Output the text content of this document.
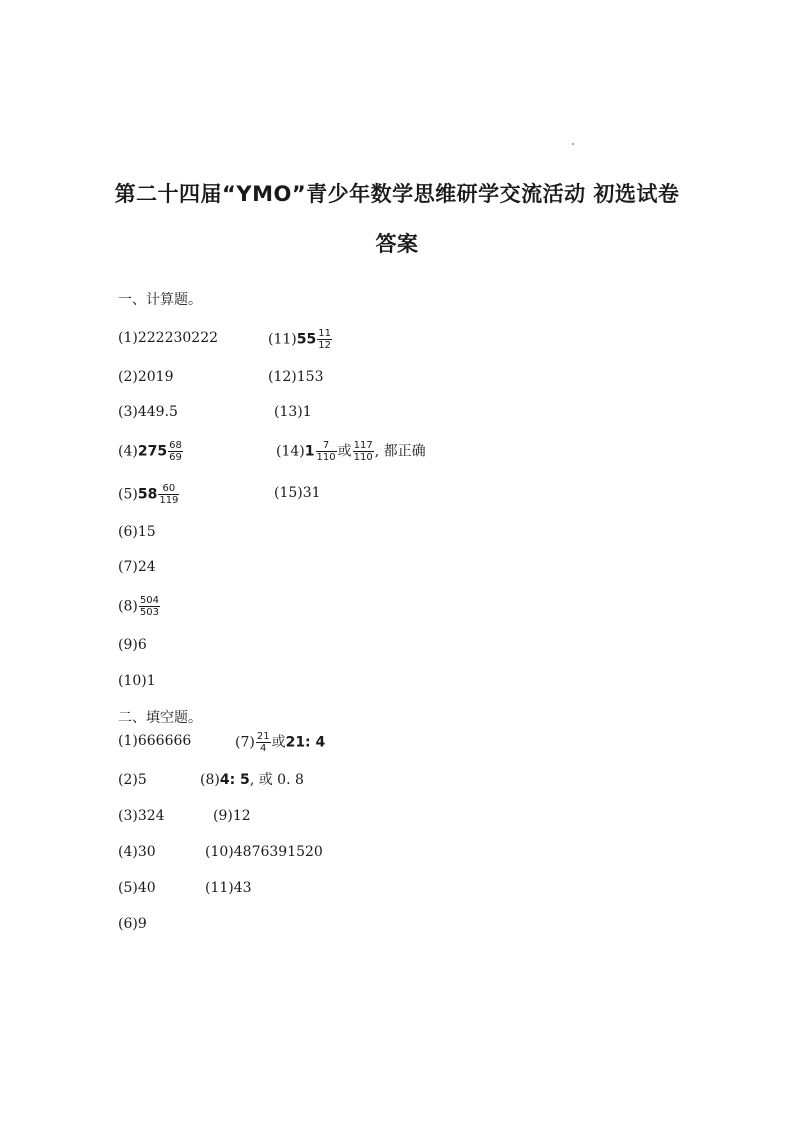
第二十四届“YMO”青少年数学思维研学交流活动 初选试卷
答案
一、计算题。
(1)222230222
(2)2019
(3)449.5
$(4)275 \frac{68}{69}$
$(5)58 \frac{60}{119}$
(6)15
(7)24
$(8) \frac{504}{503}$
(9)6
(10)1
$(11)55 \frac{11}{12}$
(12)153
(13)1
$(14)1 \frac{7}{110}$ 或 $\frac{117}{110}$ , 都正确
(15)31
二、填空题。
(1)666666
(2)5
(3)324
(4)30
(5)40
(6)9
$(7) \frac{21}{4}$ 或21: 4
(8)4: 5, 或 0. 8
(9)12
(10)4876391520
(11)43
